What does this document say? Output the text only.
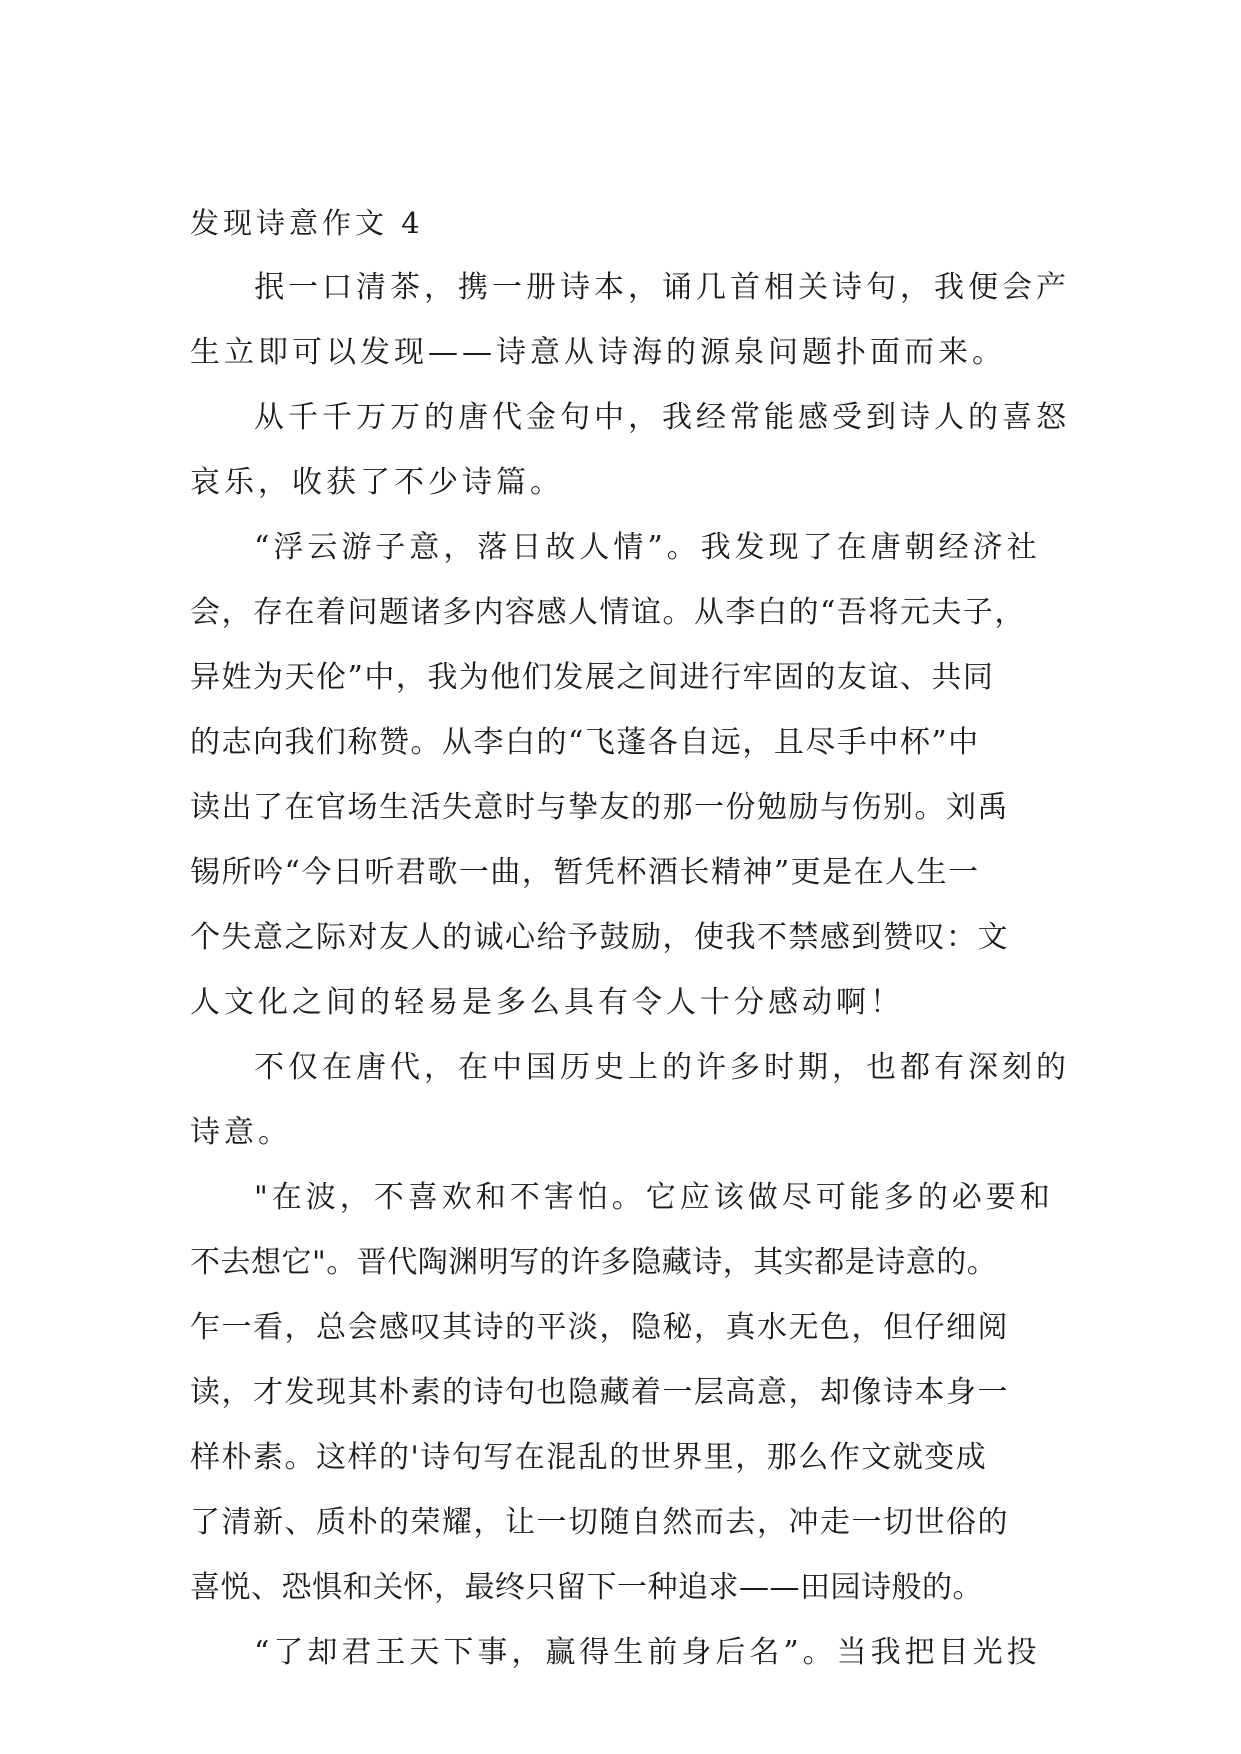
发现诗意作文 4

抿一口清茶，携一册诗本，诵几首相关诗句，我便会产

生立即可以发现——诗意从诗海的源泉问题扑面而来。

从千千万万的唐代金句中，我经常能感受到诗人的喜怒

哀乐，收获了不少诗篇。

“浮云游子意，落日故人情”。我发现了在唐朝经济社

会，存在着问题诸多内容感人情谊。从李白的“吾将元夫子，

异姓为天伦”中，我为他们发展之间进行牢固的友谊、共同

的志向我们称赞。从李白的“飞蓬各自远，且尽手中杯”中

读出了在官场生活失意时与挚友的那一份勉励与伤别。刘禹

锡所吟“今日听君歌一曲，暂凭杯酒长精神”更是在人生一

个失意之际对友人的诚心给予鼓励，使我不禁感到赞叹：文

人文化之间的轻易是多么具有令人十分感动啊！

不仅在唐代，在中国历史上的许多时期，也都有深刻的

诗意。

"在波，不喜欢和不害怕。它应该做尽可能多的必要和

不去想它"。晋代陶渊明写的许多隐藏诗，其实都是诗意的。

乍一看，总会感叹其诗的平淡，隐秘，真水无色，但仔细阅

读，才发现其朴素的诗句也隐藏着一层高意，却像诗本身一

样朴素。这样的'诗句写在混乱的世界里，那么作文就变成

了清新、质朴的荣耀，让一切随自然而去，冲走一切世俗的

喜悦、恐惧和关怀，最终只留下一种追求——田园诗般的。

“了却君王天下事，赢得生前身后名”。当我把目光投
